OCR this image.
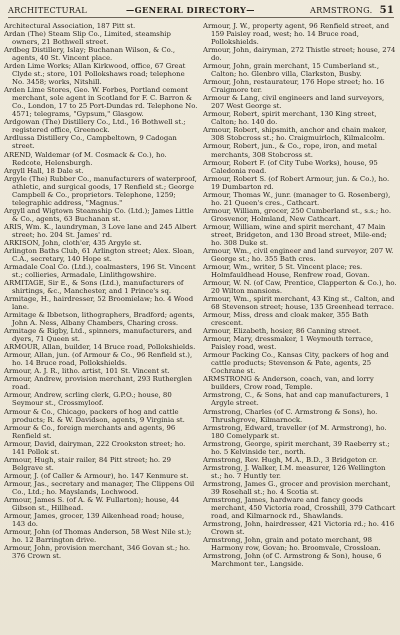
ARCHITECTURAL	—GENERAL DIRECTORY—	ARMSTRONG. 51
Architectural Association, 187 Pitt st.
Ardan (The) Steam Slip Co., Limited, steamship owners, 21 Bothwell street.
Ardbeg Distillery, Islay; Buchanan Wilson, & Co., agents, 40 St. Vincent place.
Arden Lime Works; Allan Kirkwood, office, 67 Great Clyde st.; store, 101 Pollokshaws road; telephone No. 3458; works, Nitshill.
Arden Lime Stores, Geo. W. Forbes, Portland cement merchant, sole agent in Scotland for F. C. Barron & Co., London, 17 to 25 Port-Dundas rd. Telephone No. 4571; telegrams, "Gypsum," Glasgow.
Ardgowan (The) Distillery Co., Ltd., 16 Bothwell st.; registered office, Greenock.
Ardlussa Distillery Co., Campbeltown, 9 Cadogan street.
AREND, Waldemar (of M. Cosmack & Co.), ho. Redcote, Helensburgh.
Argyll Hall, 18 Dale st.
Argyle (The) Rubber Co., manufacturers of waterproof, athletic, and surgical goods, 17 Renfield st.; George Campbell & Co., proprietors. Telephone, 1259; telegraphic address, "Magnus."
Argyll and Wigtown Steamship Co. (Ltd.); James Little & Co., agents, 63 Buchanan st.
ARIS, Wm. K., laundryman, 3 Love lane and 245 Albert street; ho. 204 St. James' rd.
ARKISON, John, cloth'er, 435 Argyle st.
Arlington Baths Club, 61 Arlington street; Alex. Sloan, C.A., secretary, 140 Hope st.
Armadale Coal Co. (Ltd.), coalmasters, 196 St. Vincent st.; collieries, Armadale, Linlithgowshire.
ARMITAGE, Sir E., & Sons (Ltd.), manufacturers of shirtings, &c., Manchester, and 1 Prince's sq.
Armitage, H., hairdresser, 52 Broomielaw; ho. 4 Wood lane.
Armitage & Ibbetson, lithographers, Bradford; agents, John A. Ness, Albany Chambers, Charing cross.
Armitage & Rigby, Ltd., spinners, manufacturers, and dyers, 71 Queen st.
ARMOUR, Allan, builder, 14 Bruce road, Pollokshields.
Armour, Allan, jun. (of Armour & Co., 96 Renfield st.), ho. 14 Bruce road, Pollokshields.
Armour, A. J. R., litho. artist, 101 St. Vincent st.
Armour, Andrew, provision merchant, 293 Rutherglen road.
Armour, Andrew, scrling clerk, G.P.O.; house, 80 Seymour st., Crossmyloof.
Armour & Co., Chicago, packers of hog and cattle products; R. & W. Davidson, agents, 9 Virginia st.
Armour & Co., foreign merchants and agents, 96 Renfield st.
Armour, David, dairyman, 222 Crookston street; ho. 141 Pollok st.
Armour, Hugh, stair railer, 84 Pitt street; ho. 29 Belgrave st.
Armour, J. (of Caller & Armour), ho. 147 Kenmure st.
Armour, Jas., secretary and manager, The Clippens Oil Co., Ltd.; ho. Mayslands, Lochwood.
Armour, James S. (of A. & W. Fullarton); house, 44 Gibson st., Hillhead.
Armour, James, grocer, 139 Aikenhead road; house, 143 do.
Armour, John (of Thomas Anderson, 58 West Nile st.); ho. 12 Barrington drive.
Armour, John, provision merchant, 346 Govan st.; ho. 376 Crown st.
Armour, J. W., property agent, 96 Renfield street, and 159 Paisley road, west; ho. 14 Bruce road, Pollokshields.
Armour, John, dairyman, 272 Thistle street; house, 274 do.
Armour, John, grain merchant, 15 Cumberland st., Calton; ho. Glenbro villa, Clarkston, Busby.
Armour, John, restaurateur, 176 Hope street; ho. 16 Craigmore ter.
Armour & Lang, civil engineers and land surveyors, 207 West George st.
Armour, Robert, spirit merchant, 130 King street, Calton; ho. 140 do.
Armour, Robert, shipsmith, anchor and chain maker, 308 Stobcross st.; ho. Craigmuirloch, Kilmalcolm.
Armour, Robert, jun., & Co., rope, iron, and metal merchants, 308 Stobcross st.
Armour, Robert F. (of City Tube Works), house, 95 Caledonia road.
Armour, Robert S. (of Robert Armour, jun. & Co.), ho. 19 Dumbarton rd.
Armour, Thomas W., junr. (manager to G. Rosenberg), ho. 21 Queen's cres., Cathcart.
Armour, William, grocer, 250 Cumberland st., s.s.; ho. Grosvenor, Holmland, New Cathcart.
Armour, William, wine and spirit merchant, 47 Main street, Bridgeton, and 130 Broad street, Mile-end; ho. 308 Duke st.
Armour, Wm., civil engineer and land surveyor, 207 W. George st.; ho. 355 Bath cres.
Armour, Wm., writer, 5 St. Vincent place; res. Holmfauldhead House, Renfrew road, Govan.
Armour, W. N. (of Caw, Prentice, Clapperton & Co.), ho. 20 Wilton mansions.
Armour, Wm., spirit merchant, 43 King st., Calton, and 68 Stevenson street; house, 135 Greenhead terrace.
Armour, Miss, dress and cloak maker, 355 Bath crescent.
Armour, Elizabeth, hosier, 86 Canning street.
Armour, Mary, dressmaker, 1 Weymouth terrace, Paisley road, west.
Armour Packing Co., Kansas City, packers of hog and cattle products; Stevenson & Pate, agents, 25 Cochrane st.
ARMSTRONG & Anderson, coach, van, and lorry builders, Crow road, Temple.
Armstrong, C., & Sons, hat and cap manufacturers, 1 Argyle street.
Armstrong, Charles (of C. Armstrong & Sons), ho. Thrushgrove, Kilmarnock.
Armstrong, Edward, traveller (of M. Armstrong), ho. 180 Comelypark st.
Armstrong, George, spirit merchant, 39 Raeberry st.; ho. 5 Kelvinside ter., north.
Armstrong, Rev. Hugh, M.A., B.D., 3 Bridgeton cr.
Armstrong, J. Walker, I.M. measurer, 126 Wellington st.; ho. 7 Huntly ter.
Armstrong, James G., grocer and provision merchant, 39 Rosehall st.; ho. 4 Scotia st.
Armstrong, James, hardware and fancy goods merchant, 450 Victoria road, Crosshill, 379 Cathcart road, and Kilmarnock rd., Shawlands.
Armstrong, John, hairdresser, 421 Victoria rd.; ho. 416 Crown st.
Armstrong, John, grain and potato merchant, 98 Harmony row, Govan; ho. Broomvale, Crossloan.
Armstrong, John (of C. Armstrong & Son), house, 6 Marchmont ter., Langside.
